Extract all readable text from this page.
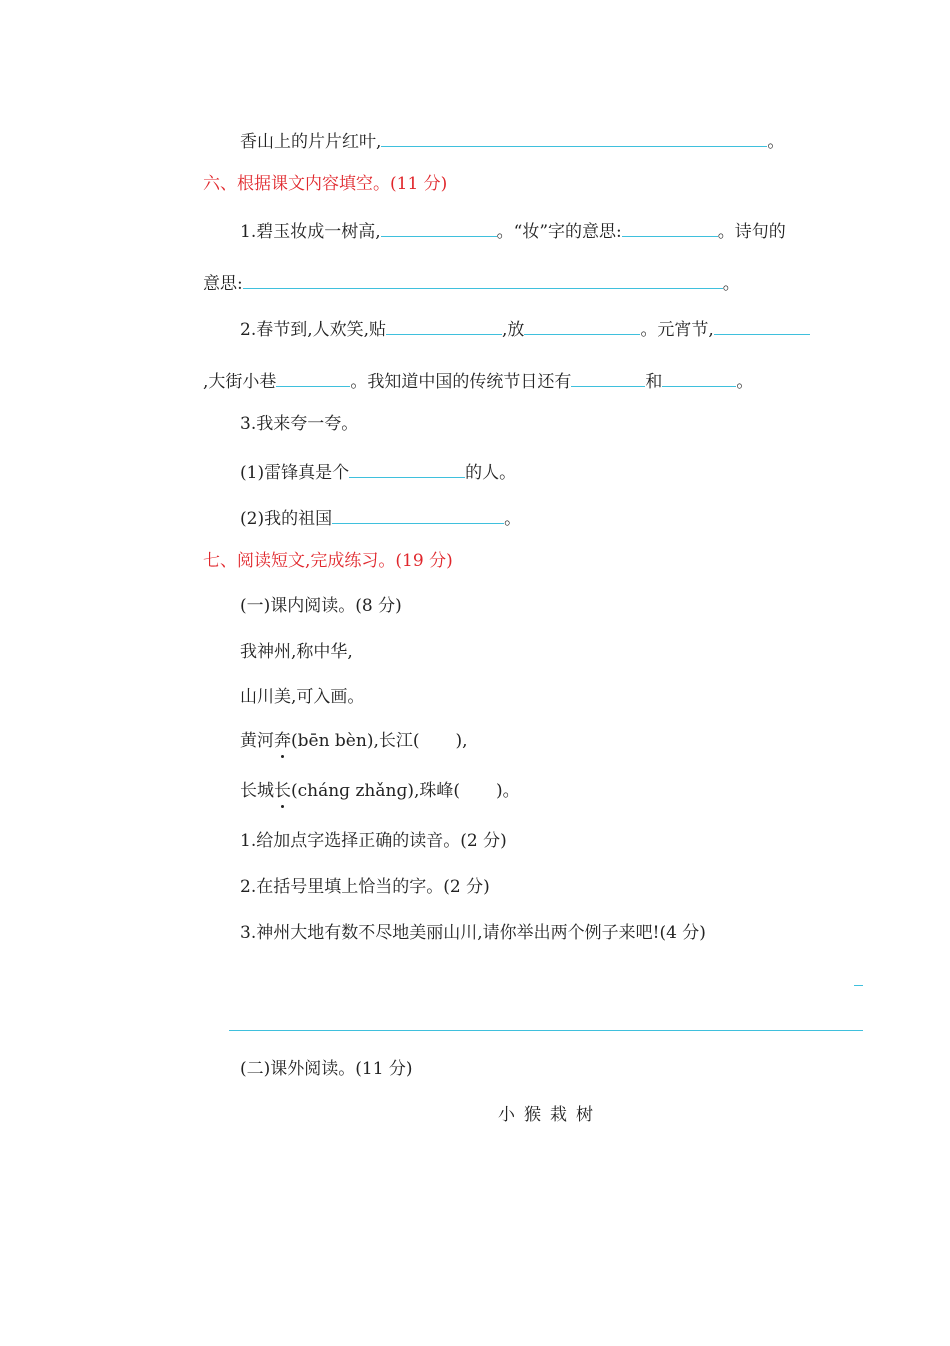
香山上的片片红叶,	。
六、根据课文内容填空。(11 分)
1.碧玉妆成一树高,	。“妆”字的意思:	。诗句的
意思:	。
2.春节到,人欢笑,贴	,放	。元宵节,
,大街小巷	。我知道中国的传统节日还有	和	。
3.我来夸一夸。
(1)雷锋真是个	的人。
(2)我的祖国	。
七、阅读短文,完成练习。(19 分)
(一)课内阅读。(8 分)
我神州,称中华,
山川美,可入画。
黄河奔(bēn bèn),长江( ),
长城长(chánɡ zhǎnɡ),珠峰( )。
1.给加点字选择正确的读音。(2 分)
2.在括号里填上恰当的字。(2 分)
3.神州大地有数不尽地美丽山川,请你举出两个例子来吧!(4 分)
(二)课外阅读。(11 分)
小猴栽树
